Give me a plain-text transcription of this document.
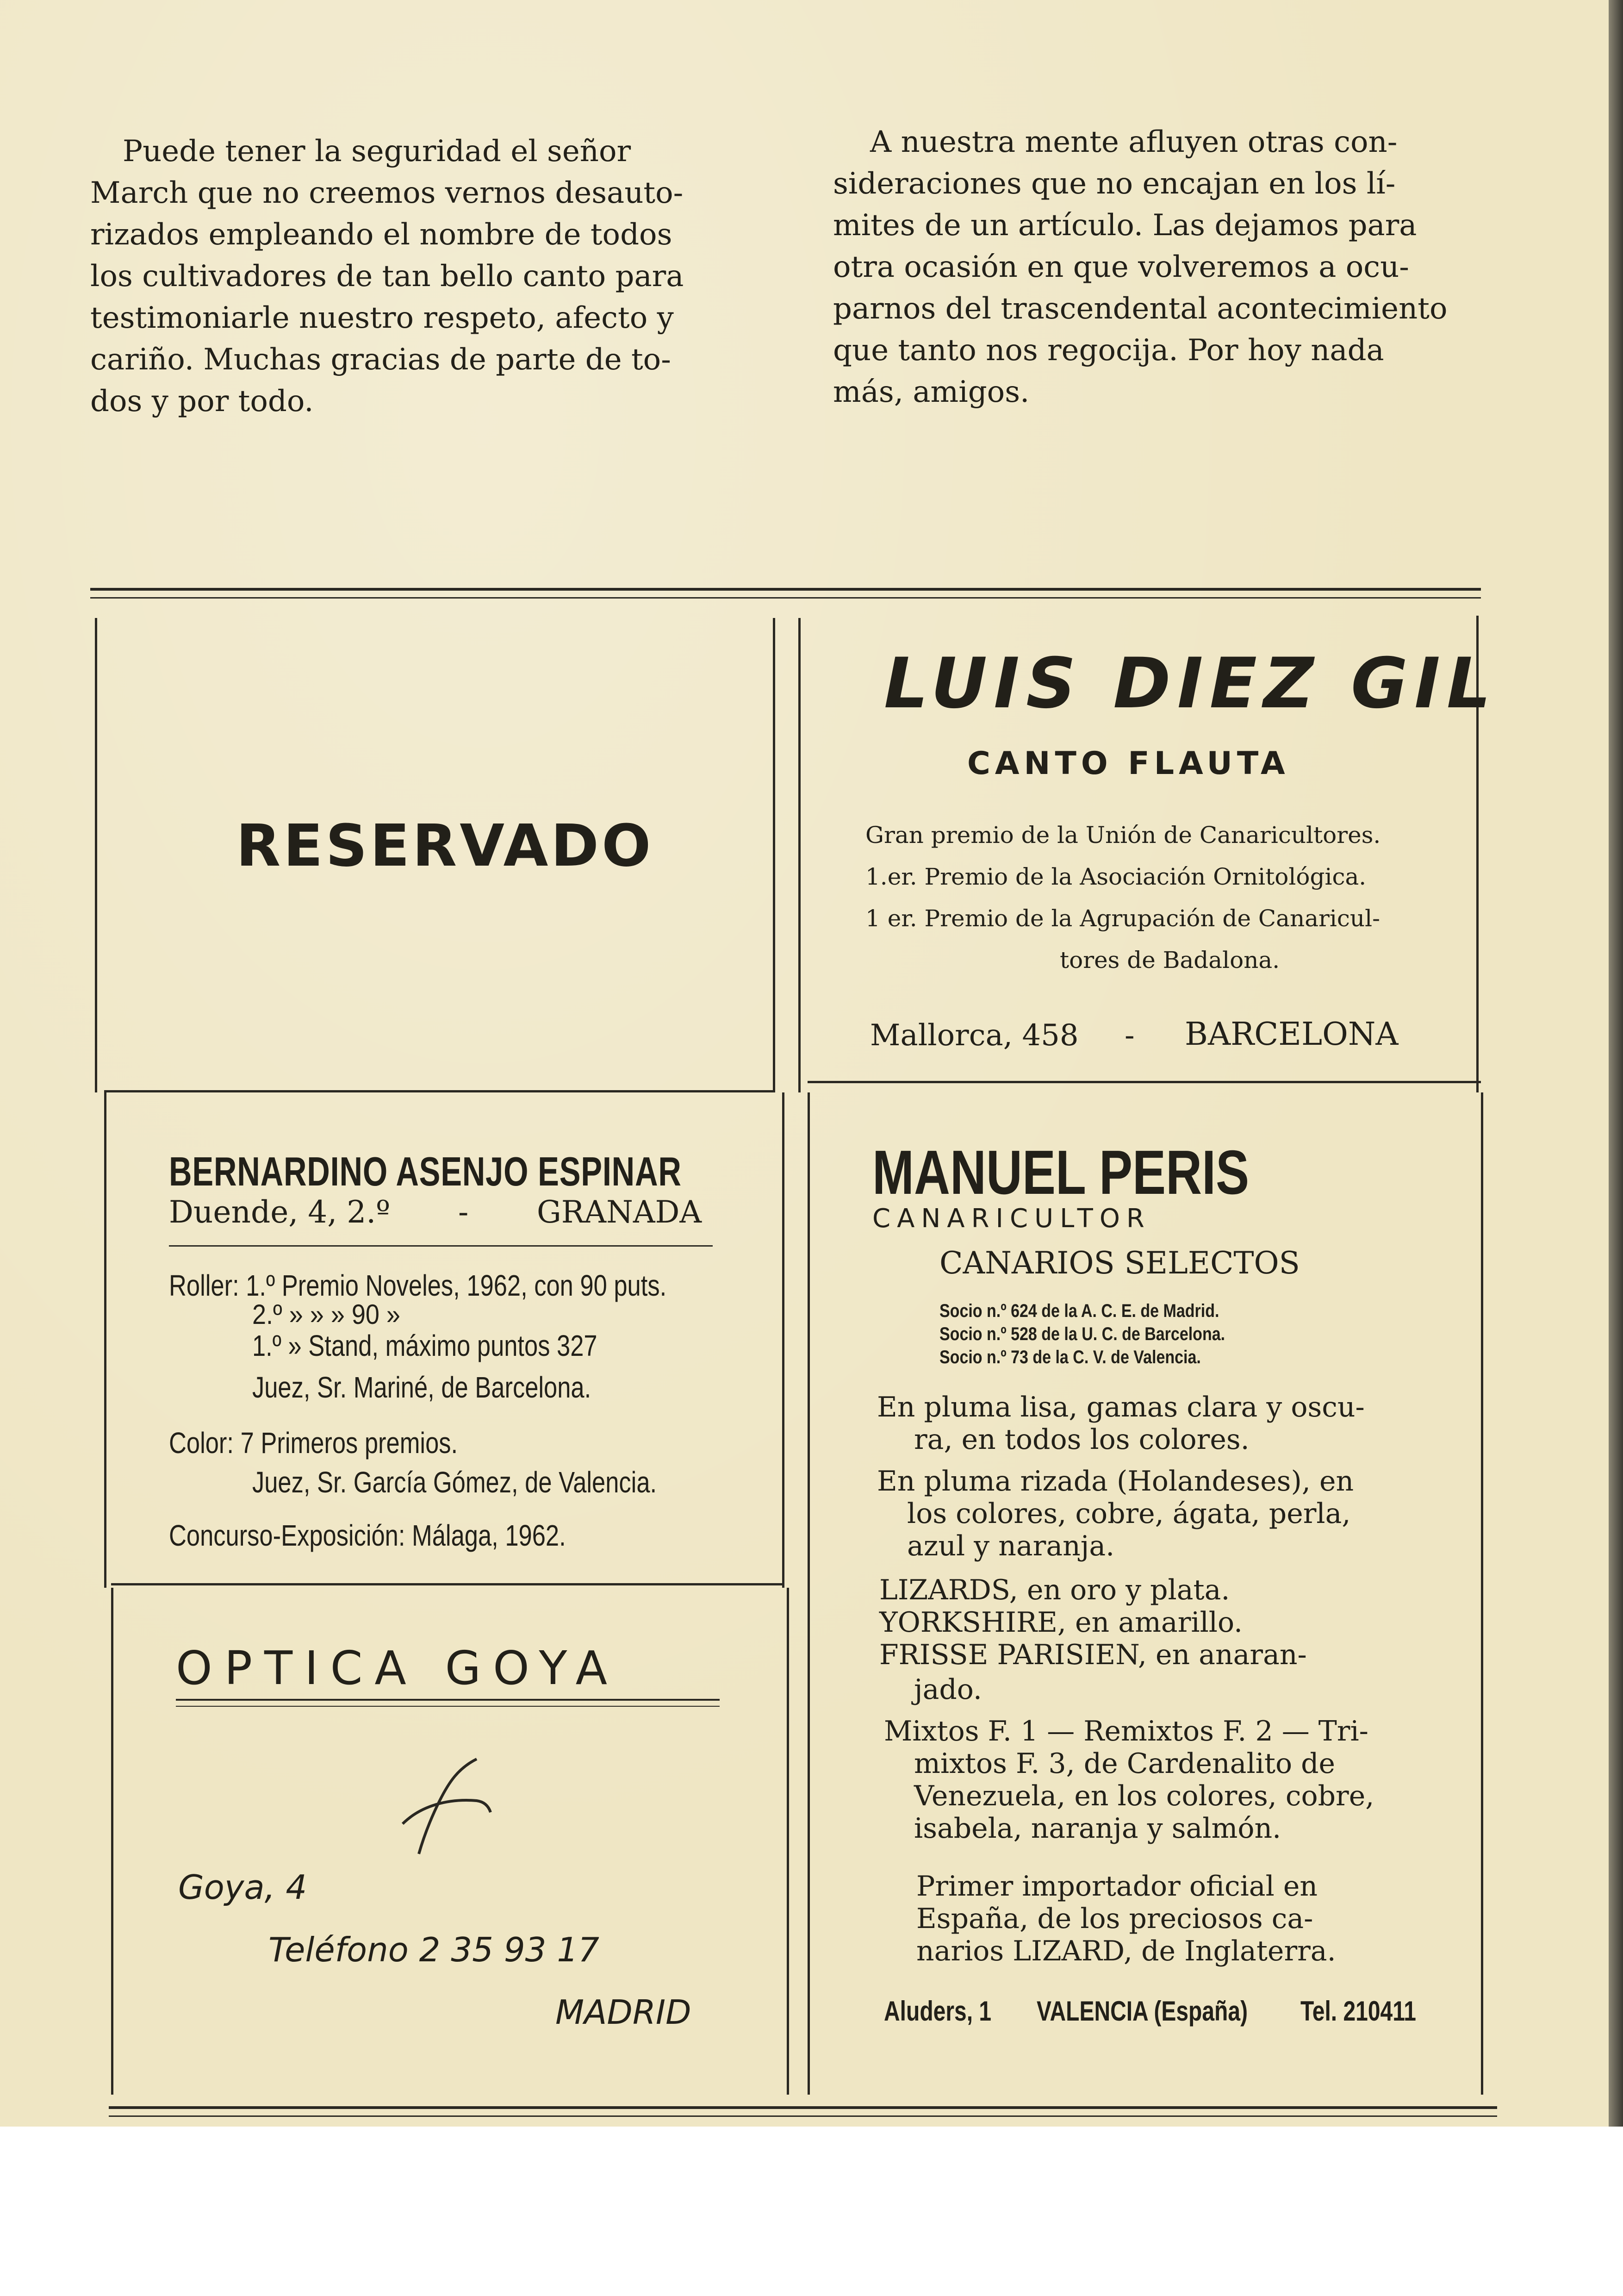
Puede tener la seguridad el señor
March que no creemos vernos desauto-
rizados empleando el nombre de todos
los cultivadores de tan bello canto para
testimoniarle nuestro respeto, afecto y
cariño. Muchas gracias de parte de to-
dos y por todo.
A nuestra mente afluyen otras con-
sideraciones que no encajan en los lí-
mites de un artículo. Las dejamos para
otra ocasión en que volveremos a ocu-
parnos del trascendental acontecimiento
que tanto nos regocija. Por hoy nada
más, amigos.
RESERVADO
LUIS DIEZ GIL
CANTO FLAUTA
Gran premio de la Unión de Canaricultores.
1.er. Premio de la Asociación Ornitológica.
1 er. Premio de la Agrupación de Canaricul-
tores de Badalona.
Mallorca, 458 - BARCELONA
BERNARDINO ASENJO ESPINAR
Duende, 4, 2.º - GRANADA
Roller: 1.º Premio Noveles, 1962, con 90 puts.
2.º » » » 90 »
1.º » Stand, máximo puntos 327
Juez, Sr. Mariné, de Barcelona.
Color: 7 Primeros premios.
Juez, Sr. García Gómez, de Valencia.
Concurso-Exposición: Málaga, 1962.
OPTICA GOYA
Goya, 4
Teléfono 2 35 93 17
MADRID
MANUEL PERIS
CANARICULTOR
CANARIOS SELECTOS
Socio n.º 624 de la A. C. E. de Madrid.
Socio n.º 528 de la U. C. de Barcelona.
Socio n.º 73 de la C. V. de Valencia.
En pluma lisa, gamas clara y oscu-
ra, en todos los colores.
En pluma rizada (Holandeses), en
los colores, cobre, ágata, perla,
azul y naranja.
LIZARDS, en oro y plata.
YORKSHIRE, en amarillo.
FRISSE PARISIEN, en anaran-
jado.
Mixtos F. 1 — Remixtos F. 2 — Tri-
mixtos F. 3, de Cardenalito de
Venezuela, en los colores, cobre,
isabela, naranja y salmón.
Primer importador oficial en
España, de los preciosos ca-
narios LIZARD, de Inglaterra.
Aluders, 1 VALENCIA (España) Tel. 210411
